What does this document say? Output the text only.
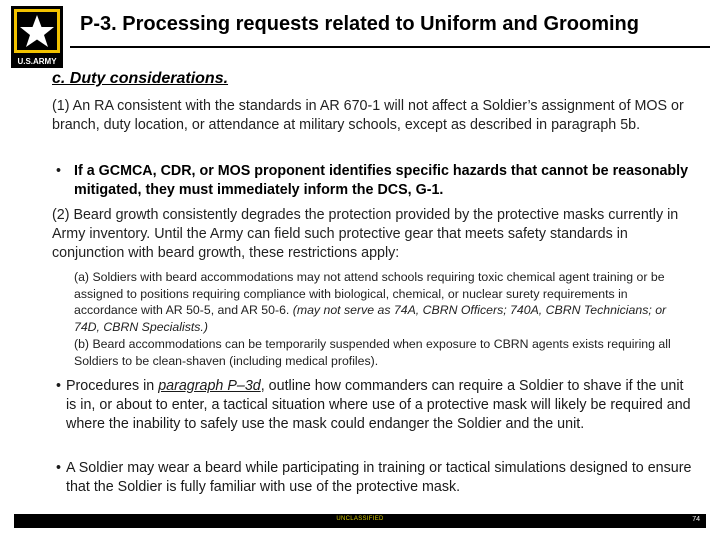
U.S.ARMY
P-3. Processing requests related to Uniform and Grooming
c. Duty considerations.
(1) An RA consistent with the standards in AR 670-1 will not affect a Soldier’s assignment of MOS or branch, duty location, or attendance at military schools, except as described in paragraph 5b.
• If a GCMCA, CDR, or MOS proponent identifies specific hazards that cannot be reasonably mitigated, they must immediately inform the DCS, G-1.
(2) Beard growth consistently degrades the protection provided by the protective masks currently in Army inventory. Until the Army can field such protective gear that meets safety standards in conjunction with beard growth, these restrictions apply:
(a) Soldiers with beard accommodations may not attend schools requiring toxic chemical agent training or be assigned to positions requiring compliance with biological, chemical, or nuclear surety requirements in accordance with AR 50-5, and AR 50-6. (may not serve as 74A, CBRN Officers; 740A, CBRN Technicians; or 74D, CBRN Specialists.)
(b) Beard accommodations can be temporarily suspended when exposure to CBRN agents exists requiring all Soldiers to be clean-shaven (including medical profiles).
• Procedures in paragraph P–3d, outline how commanders can require a Soldier to shave if the unit is in, or about to enter, a tactical situation where use of a protective mask will likely be required and where the inability to safely use the mask could endanger the Soldier and the unit.
• A Soldier may wear a beard while participating in training or tactical simulations designed to ensure that the Soldier is fully familiar with use of the protective mask.
UNCLASSIFIED	74
